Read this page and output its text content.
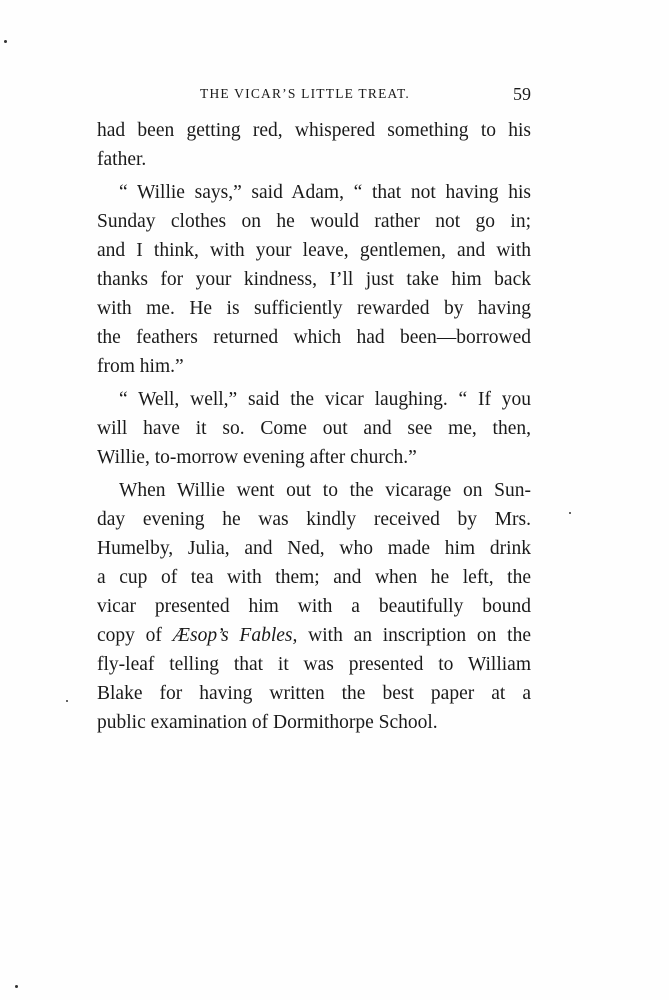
THE VICAR’S LITTLE TREAT.	59
had been getting red, whispered something to his
father.
“ Willie says,” said Adam, “ that not having his
Sunday clothes on he would rather not go in;
and I think, with your leave, gentlemen, and with
thanks for your kindness, I’ll just take him back
with me. He is sufficiently rewarded by having
the feathers returned which had been—borrowed
from him.”
“ Well, well,” said the vicar laughing. “ If you
will have it so. Come out and see me, then,
Willie, to-morrow evening after church.”
When Willie went out to the vicarage on Sun-
day evening he was kindly received by Mrs.
Humelby, Julia, and Ned, who made him drink
a cup of tea with them; and when he left, the
vicar presented him with a beautifully bound
copy of Æsop’s Fables, with an inscription on the
fly-leaf telling that it was presented to William
Blake for having written the best paper at a
public examination of Dormithorpe School.
